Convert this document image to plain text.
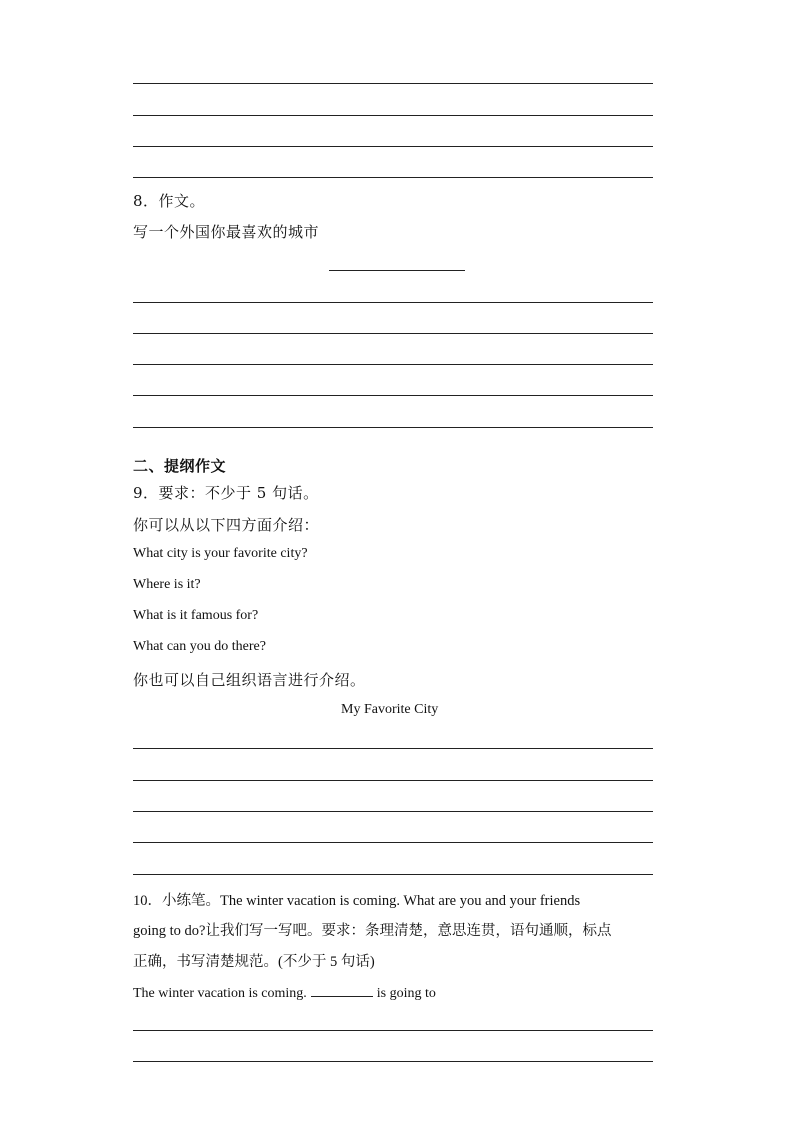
8．作文。
写一个外国你最喜欢的城市
二、提纲作文
9．要求：不少于 5 句话。
你可以从以下四方面介绍：
What city is your favorite city?
Where is it?
What is it famous for?
What can you do there?
你也可以自己组织语言进行介绍。
My Favorite City
10．小练笔。The winter vacation is coming. What are you and your friends
going to do?让我们写一写吧。要求：条理清楚，意思连贯，语句通顺，标点
正确，书写清楚规范。(不少于 5 句话)
The winter vacation is coming.	is going to
